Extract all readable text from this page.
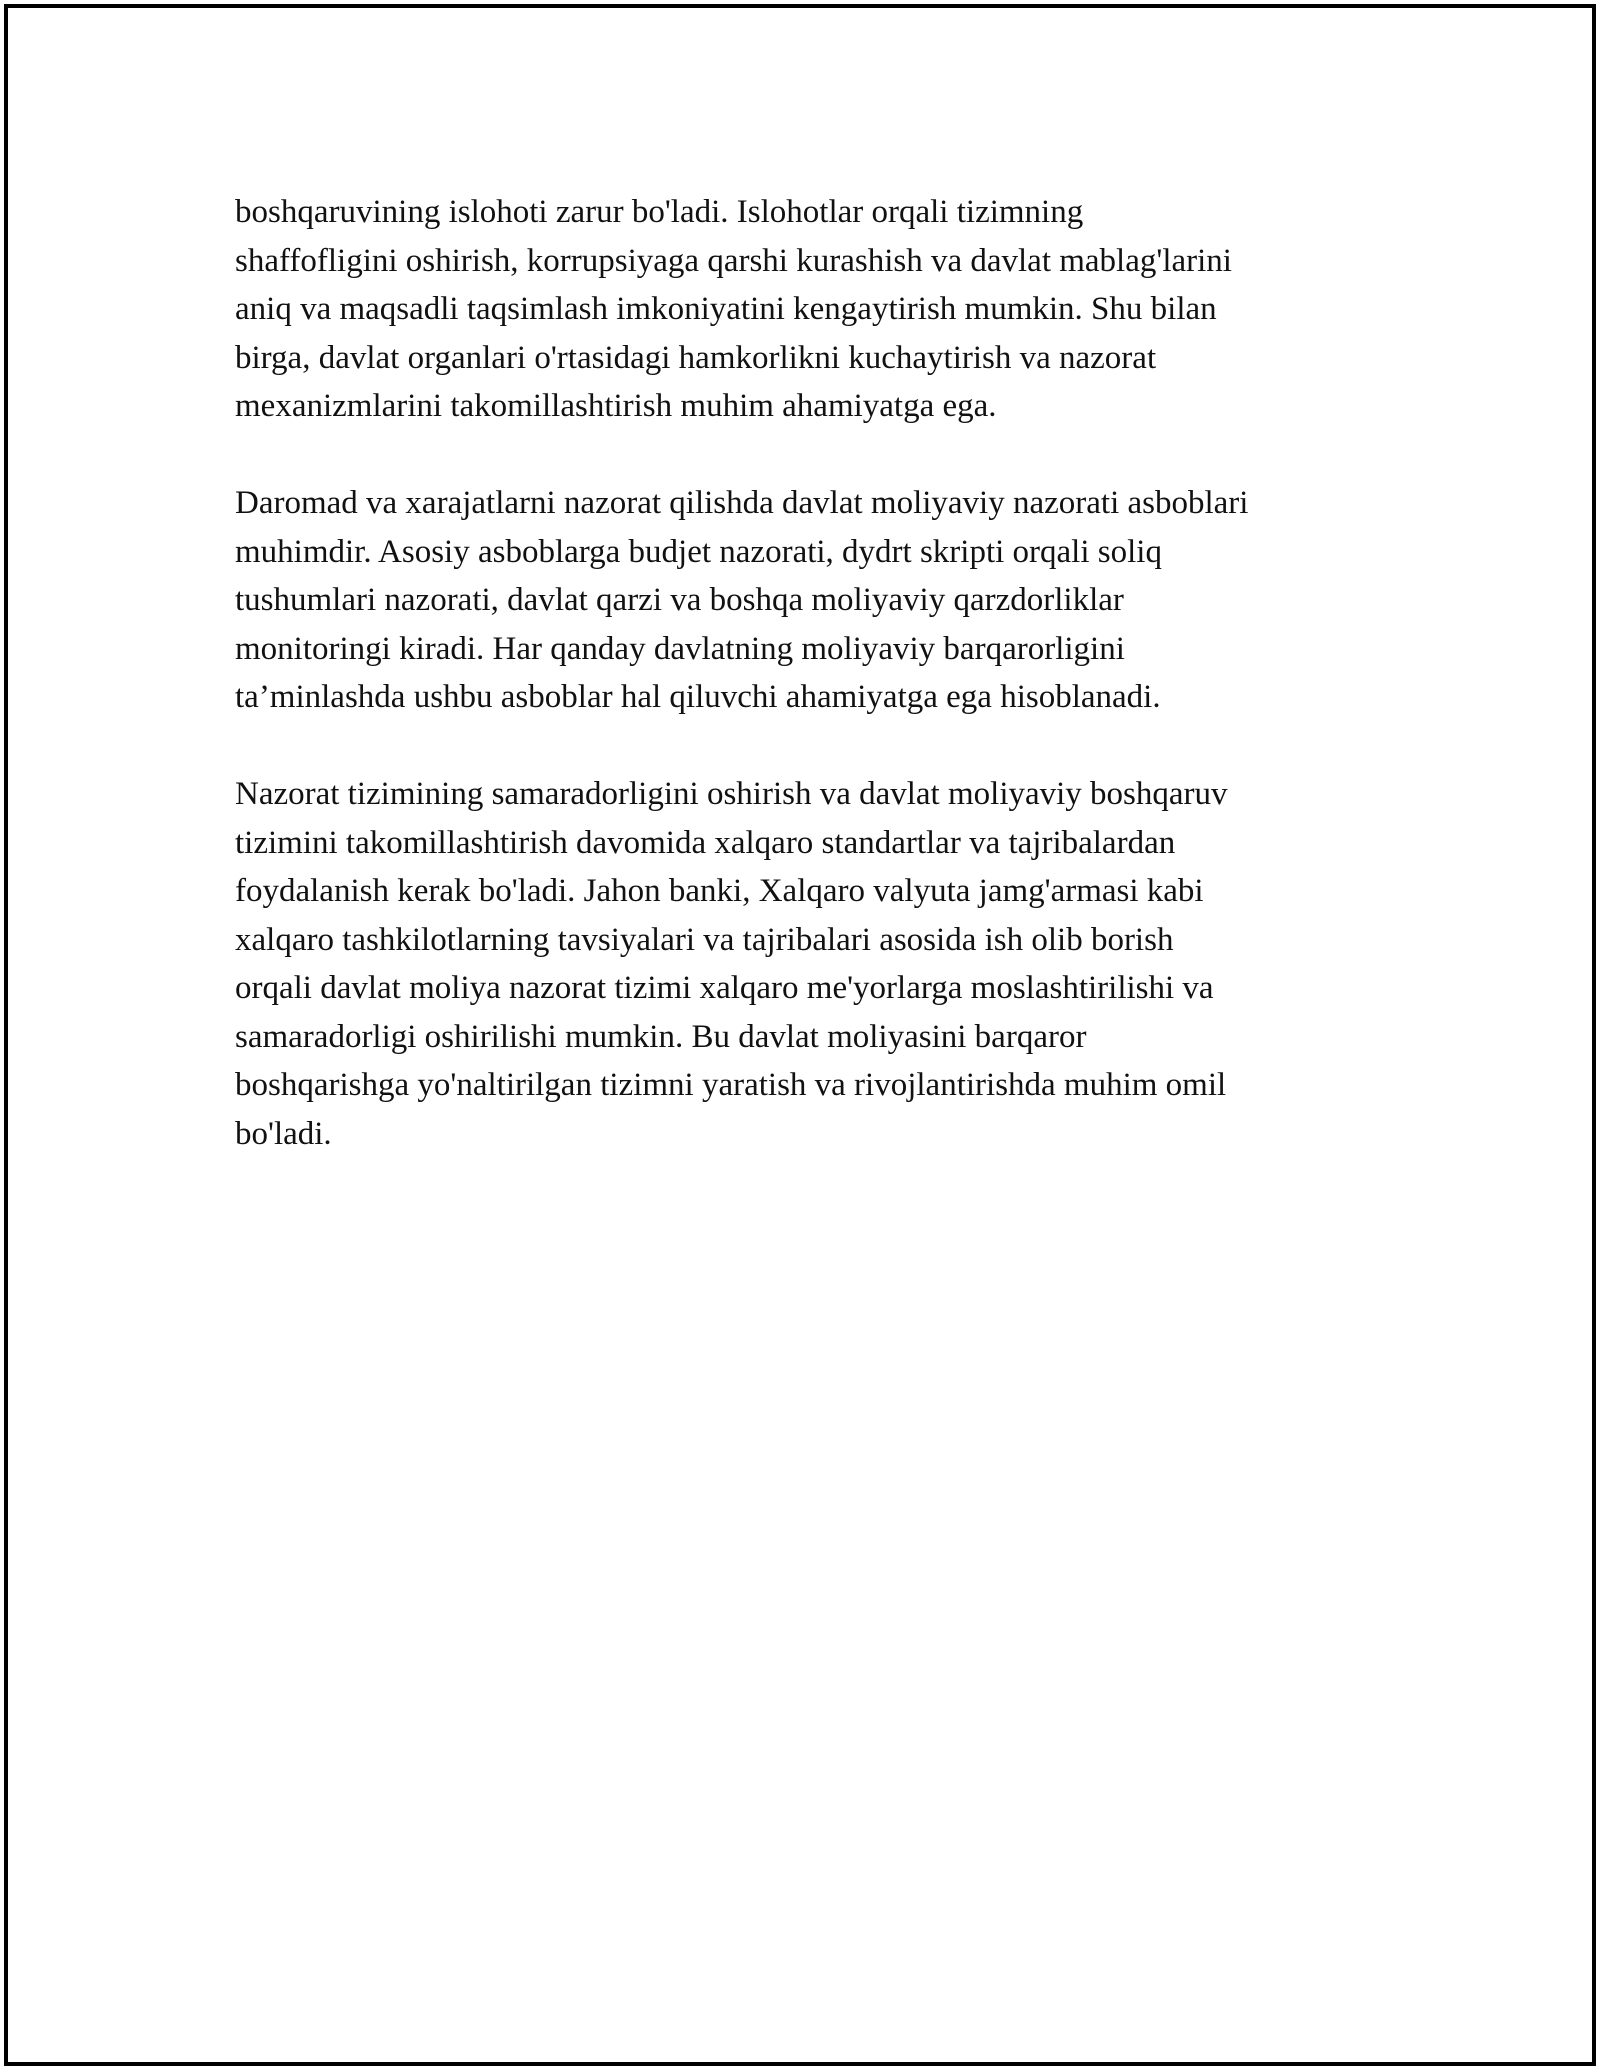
boshqaruvining islohoti zarur bo'ladi. Islohotlar orqali tizimning
shaffofligini oshirish, korrupsiyaga qarshi kurashish va davlat mablag'larini
aniq va maqsadli taqsimlash imkoniyatini kengaytirish mumkin. Shu bilan
birga, davlat organlari o'rtasidagi hamkorlikni kuchaytirish va nazorat
mexanizmlarini takomillashtirish muhim ahamiyatga ega.

Daromad va xarajatlarni nazorat qilishda davlat moliyaviy nazorati asboblari
muhimdir. Asosiy asboblarga budjet nazorati, dydrt skripti orqali soliq
tushumlari nazorati, davlat qarzi va boshqa moliyaviy qarzdorliklar
monitoringi kiradi. Har qanday davlatning moliyaviy barqarorligini
ta’minlashda ushbu asboblar hal qiluvchi ahamiyatga ega hisoblanadi.

Nazorat tizimining samaradorligini oshirish va davlat moliyaviy boshqaruv
tizimini takomillashtirish davomida xalqaro standartlar va tajribalardan
foydalanish kerak bo'ladi. Jahon banki, Xalqaro valyuta jamg'armasi kabi
xalqaro tashkilotlarning tavsiyalari va tajribalari asosida ish olib borish
orqali davlat moliya nazorat tizimi xalqaro me'yorlarga moslashtirilishi va
samaradorligi oshirilishi mumkin. Bu davlat moliyasini barqaror
boshqarishga yo'naltirilgan tizimni yaratish va rivojlantirishda muhim omil
bo'ladi.
